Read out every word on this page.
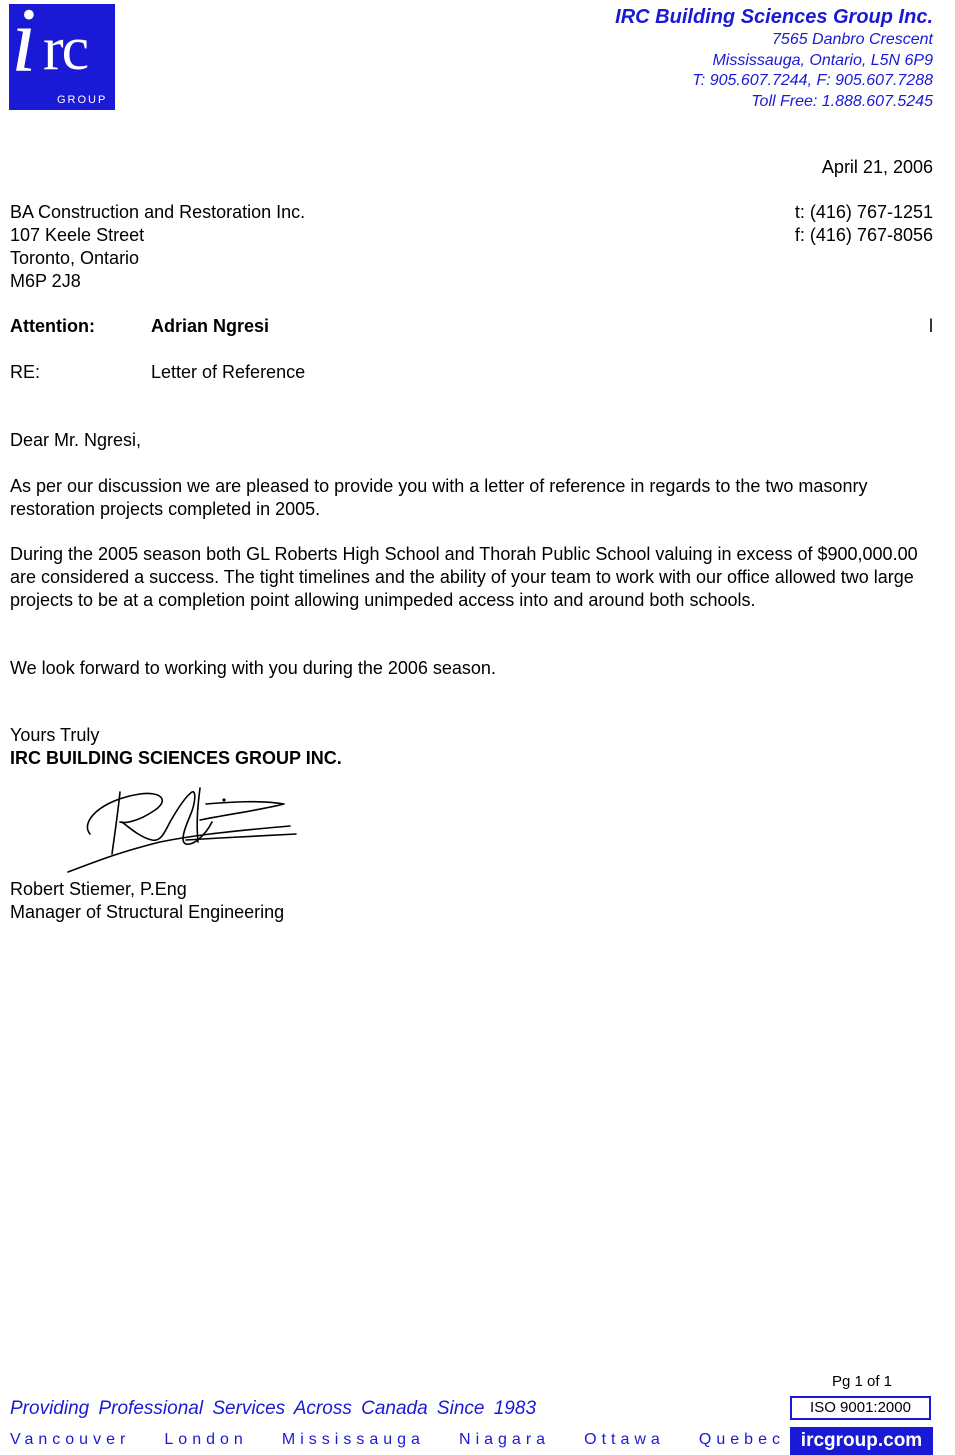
i rc
GROUP
IRC Building Sciences Group Inc.
7565 Danbro Crescent
Mississauga, Ontario, L5N 6P9
T: 905.607.7244, F: 905.607.7288
Toll Free: 1.888.607.5245
April 21, 2006
BA Construction and Restoration Inc.
107 Keele Street
Toronto, Ontario
M6P 2J8
t: (416) 767-1251
f: (416) 767-8056
Attention:	Adrian Ngresi	l
RE:	Letter of Reference
Dear Mr. Ngresi,
As per our discussion we are pleased to provide you with a letter of reference in regards to the two masonry restoration projects completed in 2005.
During the 2005 season both GL Roberts High School and Thorah Public School valuing in excess of $900,000.00 are considered a success. The tight timelines and the ability of your team to work with our office allowed two large projects to be at a completion point allowing unimpeded access into and around both schools.
We look forward to working with you during the 2006 season.
Yours Truly
IRC BUILDING SCIENCES GROUP INC.
Robert Stiemer, P.Eng
Manager of Structural Engineering
Pg 1 of 1
Providing Professional Services Across Canada Since 1983	ISO 9001:2000
Vancouver London Mississauga Niagara Ottawa Quebec ircgroup.com
